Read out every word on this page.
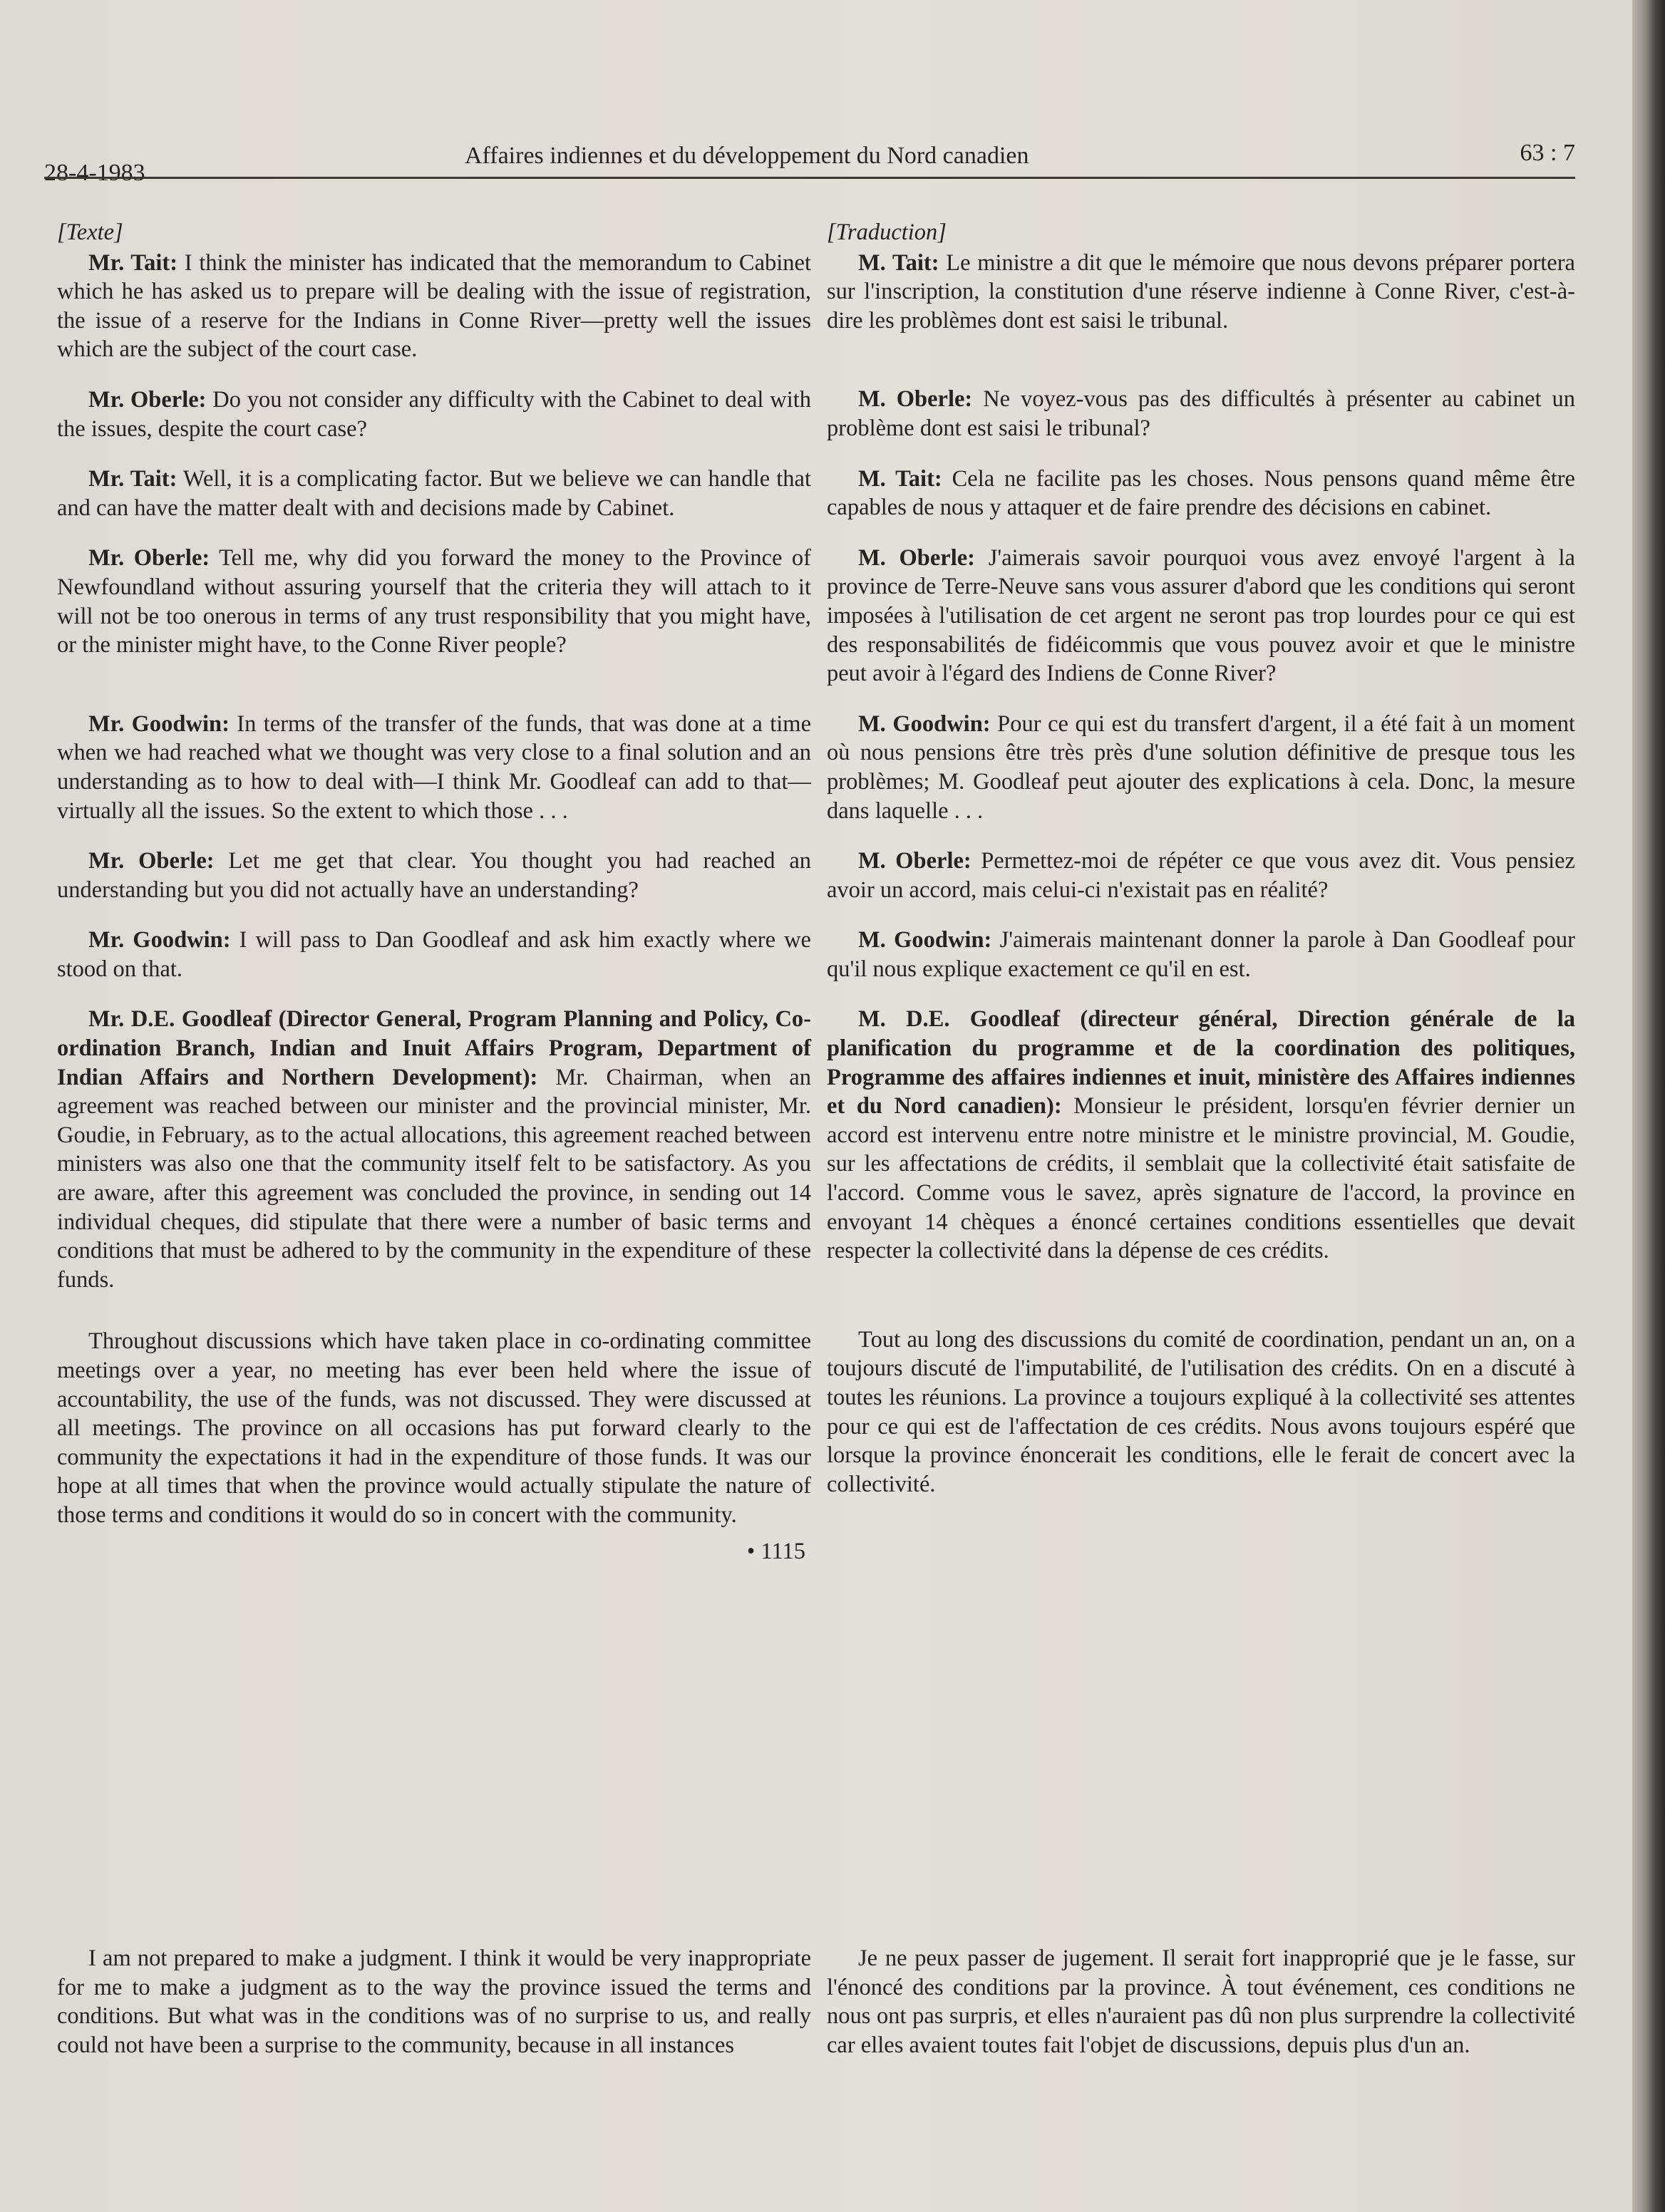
28-4-1983
Affaires indiennes et du développement du Nord canadien	63 : 7

[Texte]

Mr. Tait: I think the minister has indicated that the memorandum to Cabinet which he has asked us to prepare will be dealing with the issue of registration, the issue of a reserve for the Indians in Conne River—pretty well the issues which are the subject of the court case.

Mr. Oberle: Do you not consider any difficulty with the Cabinet to deal with the issues, despite the court case?

Mr. Tait: Well, it is a complicating factor. But we believe we can handle that and can have the matter dealt with and decisions made by Cabinet.

Mr. Oberle: Tell me, why did you forward the money to the Province of Newfoundland without assuring yourself that the criteria they will attach to it will not be too onerous in terms of any trust responsibility that you might have, or the minister might have, to the Conne River people?

Mr. Goodwin: In terms of the transfer of the funds, that was done at a time when we had reached what we thought was very close to a final solution and an understanding as to how to deal with—I think Mr. Goodleaf can add to that—virtually all the issues. So the extent to which those . . .

Mr. Oberle: Let me get that clear. You thought you had reached an understanding but you did not actually have an understanding?

Mr. Goodwin: I will pass to Dan Goodleaf and ask him exactly where we stood on that.

Mr. D.E. Goodleaf (Director General, Program Planning and Policy, Co-ordination Branch, Indian and Inuit Affairs Program, Department of Indian Affairs and Northern Development): Mr. Chairman, when an agreement was reached between our minister and the provincial minister, Mr. Goudie, in February, as to the actual allocations, this agreement reached between ministers was also one that the community itself felt to be satisfactory. As you are aware, after this agreement was concluded the province, in sending out 14 individual cheques, did stipulate that there were a number of basic terms and conditions that must be adhered to by the community in the expenditure of these funds.

Throughout discussions which have taken place in co-ordinating committee meetings over a year, no meeting has ever been held where the issue of accountability, the use of the funds, was not discussed. They were discussed at all meetings. The province on all occasions has put forward clearly to the community the expectations it had in the expenditure of those funds. It was our hope at all times that when the province would actually stipulate the nature of those terms and conditions it would do so in concert with the community.

• 1115

I am not prepared to make a judgment. I think it would be very inappropriate for me to make a judgment as to the way the province issued the terms and conditions. But what was in the conditions was of no surprise to us, and really could not have been a surprise to the community, because in all instances

[Traduction]

M. Tait: Le ministre a dit que le mémoire que nous devons préparer portera sur l'inscription, la constitution d'une réserve indienne à Conne River, c'est-à-dire les problèmes dont est saisi le tribunal.

M. Oberle: Ne voyez-vous pas des difficultés à présenter au cabinet un problème dont est saisi le tribunal?

M. Tait: Cela ne facilite pas les choses. Nous pensons quand même être capables de nous y attaquer et de faire prendre des décisions en cabinet.

M. Oberle: J'aimerais savoir pourquoi vous avez envoyé l'argent à la province de Terre-Neuve sans vous assurer d'abord que les conditions qui seront imposées à l'utilisation de cet argent ne seront pas trop lourdes pour ce qui est des responsabilités de fidéicommis que vous pouvez avoir et que le ministre peut avoir à l'égard des Indiens de Conne River?

M. Goodwin: Pour ce qui est du transfert d'argent, il a été fait à un moment où nous pensions être très près d'une solution définitive de presque tous les problèmes; M. Goodleaf peut ajouter des explications à cela. Donc, la mesure dans laquelle . . .

M. Oberle: Permettez-moi de répéter ce que vous avez dit. Vous pensiez avoir un accord, mais celui-ci n'existait pas en réalité?

M. Goodwin: J'aimerais maintenant donner la parole à Dan Goodleaf pour qu'il nous explique exactement ce qu'il en est.

M. D.E. Goodleaf (directeur général, Direction générale de la planification du programme et de la coordination des politiques, Programme des affaires indiennes et inuit, ministère des Affaires indiennes et du Nord canadien): Monsieur le président, lorsqu'en février dernier un accord est intervenu entre notre ministre et le ministre provincial, M. Goudie, sur les affectations de crédits, il semblait que la collectivité était satisfaite de l'accord. Comme vous le savez, après signature de l'accord, la province en envoyant 14 chèques a énoncé certaines conditions essentielles que devait respecter la collectivité dans la dépense de ces crédits.

Tout au long des discussions du comité de coordination, pendant un an, on a toujours discuté de l'imputabilité, de l'utilisation des crédits. On en a discuté à toutes les réunions. La province a toujours expliqué à la collectivité ses attentes pour ce qui est de l'affectation de ces crédits. Nous avons toujours espéré que lorsque la province énoncerait les conditions, elle le ferait de concert avec la collectivité.

Je ne peux passer de jugement. Il serait fort inapproprié que je le fasse, sur l'énoncé des conditions par la province. À tout événement, ces conditions ne nous ont pas surpris, et elles n'auraient pas dû non plus surprendre la collectivité car elles avaient toutes fait l'objet de discussions, depuis plus d'un an.
